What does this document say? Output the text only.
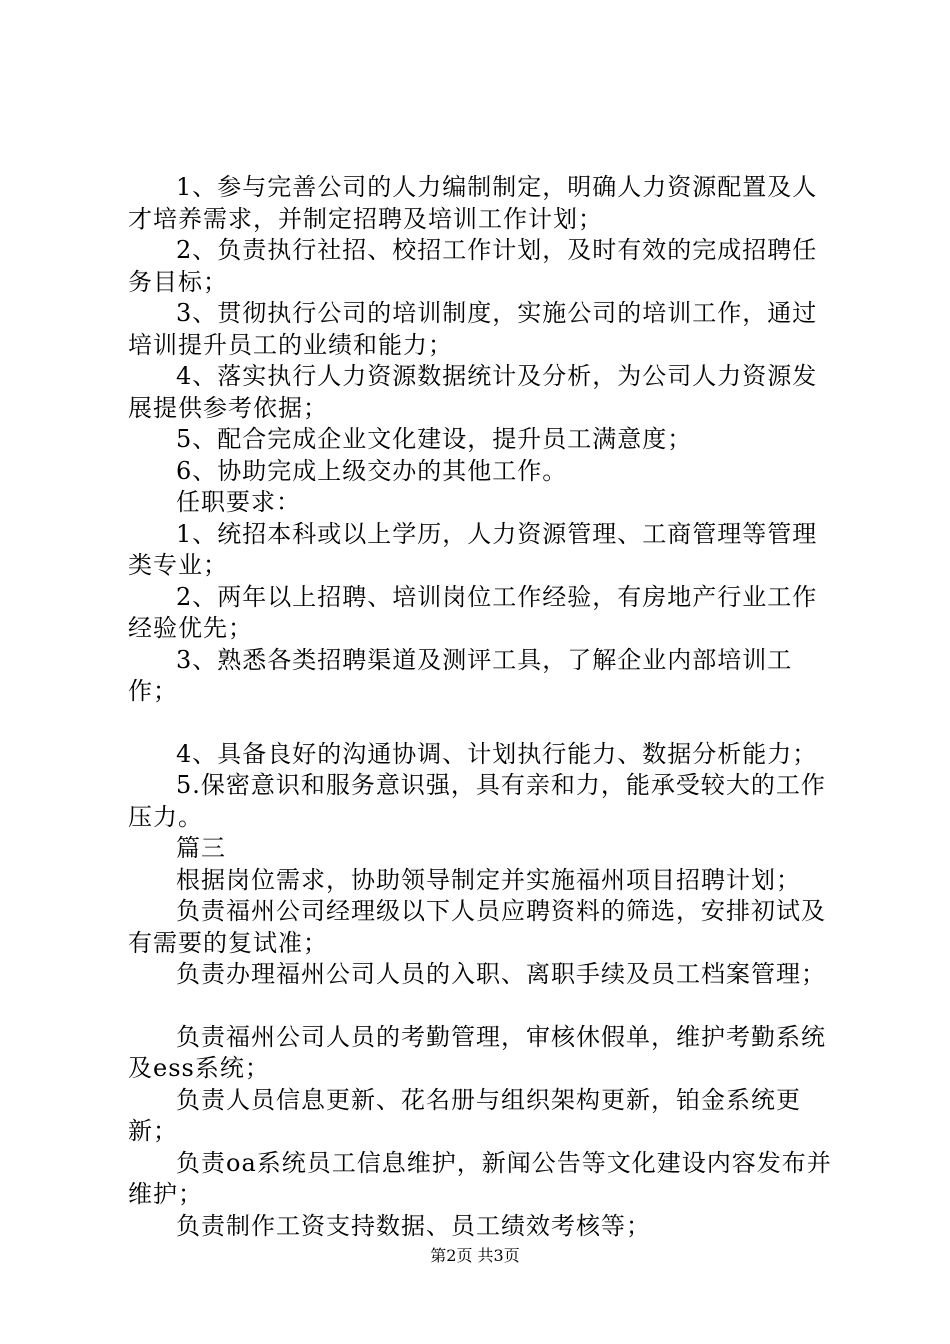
1、参与完善公司的人力编制制定，明确人力资源配置及人才培养需求，并制定招聘及培训工作计划；

2、负责执行社招、校招工作计划，及时有效的完成招聘任务目标；

3、贯彻执行公司的培训制度，实施公司的培训工作，通过培训提升员工的业绩和能力；

4、落实执行人力资源数据统计及分析，为公司人力资源发展提供参考依据；

5、配合完成企业文化建设，提升员工满意度；

6、协助完成上级交办的其他工作。

任职要求：

1、统招本科或以上学历，人力资源管理、工商管理等管理类专业；

2、两年以上招聘、培训岗位工作经验，有房地产行业工作经验优先；

3、熟悉各类招聘渠道及测评工具，了解企业内部培训工作；

4、具备良好的沟通协调、计划执行能力、数据分析能力；

5.保密意识和服务意识强，具有亲和力，能承受较大的工作压力。

篇三

根据岗位需求，协助领导制定并实施福州项目招聘计划；

负责福州公司经理级以下人员应聘资料的筛选，安排初试及有需要的复试准；

负责办理福州公司人员的入职、离职手续及员工档案管理；

负责福州公司人员的考勤管理，审核休假单，维护考勤系统及ess系统；

负责人员信息更新、花名册与组织架构更新，铂金系统更新；

负责oa系统员工信息维护，新闻公告等文化建设内容发布并维护；

负责制作工资支持数据、员工绩效考核等；

第2页 共3页
